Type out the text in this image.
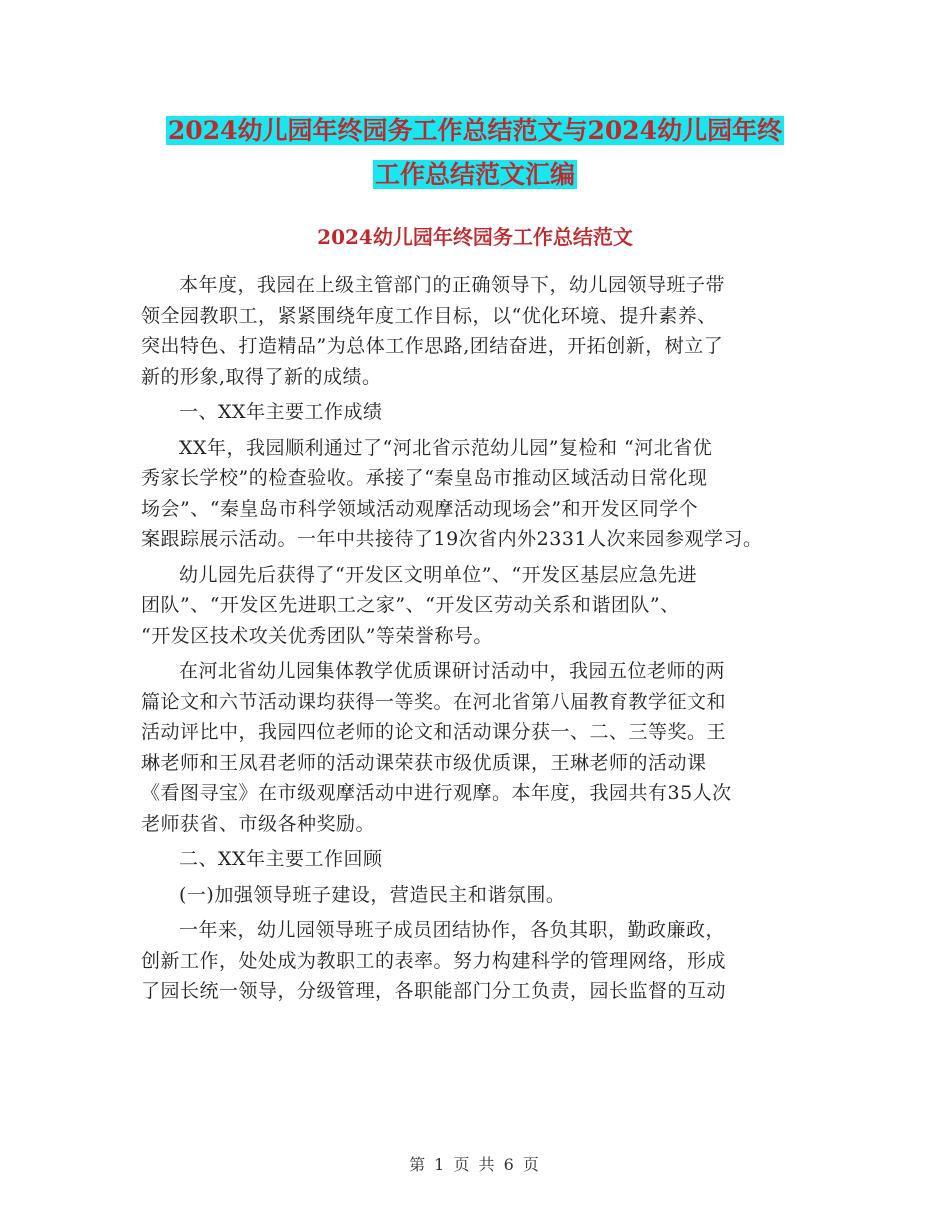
2024幼儿园年终园务工作总结范文与2024幼儿园年终
工作总结范文汇编
2024幼儿园年终园务工作总结范文
本年度，我园在上级主管部门的正确领导下，幼儿园领导班子带
领全园教职工，紧紧围绕年度工作目标，以“优化环境、提升素养、
突出特色、打造精品”为总体工作思路,团结奋进，开拓创新，树立了
新的形象,取得了新的成绩。
一、XX年主要工作成绩
XX年，我园顺利通过了“河北省示范幼儿园”复检和 “河北省优
秀家长学校”的检查验收。承接了“秦皇岛市推动区域活动日常化现
场会”、“秦皇岛市科学领域活动观摩活动现场会”和开发区同学个
案跟踪展示活动。一年中共接待了19次省内外2331人次来园参观学习。
幼儿园先后获得了“开发区文明单位”、“开发区基层应急先进
团队”、“开发区先进职工之家”、“开发区劳动关系和谐团队”、
“开发区技术攻关优秀团队”等荣誉称号。
在河北省幼儿园集体教学优质课研讨活动中，我园五位老师的两
篇论文和六节活动课均获得一等奖。在河北省第八届教育教学征文和
活动评比中，我园四位老师的论文和活动课分获一、二、三等奖。王
琳老师和王凤君老师的活动课荣获市级优质课，王琳老师的活动课
《看图寻宝》在市级观摩活动中进行观摩。本年度，我园共有35人次
老师获省、市级各种奖励。
二、XX年主要工作回顾
(一)加强领导班子建设，营造民主和谐氛围。
一年来，幼儿园领导班子成员团结协作，各负其职，勤政廉政，
创新工作，处处成为教职工的表率。努力构建科学的管理网络，形成
了园长统一领导，分级管理，各职能部门分工负责，园长监督的互动
第 1 页 共 6 页
